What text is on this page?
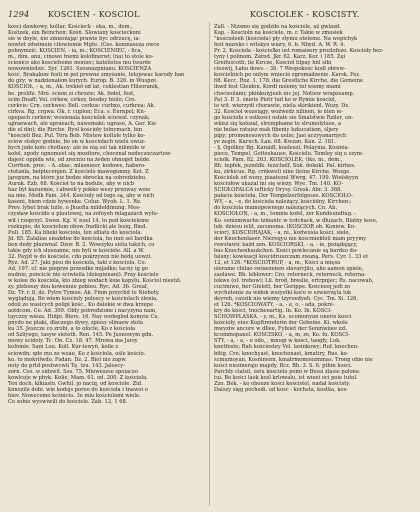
1294 KOSCIEN - KOSCIOL	KOSCIOLEK - KOSCISTY.
kości dawkowy, koltar. Kościeck - eka, m., dem.,
Kośtzek, ein Beinchen; Kośń. Slowiany kościeckoni
sie w doyle, nie zmierzając prawie być odrzucę, ia-
nowtet zdwimeie ciłowiomie Mgte. (Ces. koumaseza owce
pohnymzić. KOSCIEŃ, - ia, m.; KOSCIENIEC, - fica,
m., dim. anu, cinowe tnemi kolofinerwi; (nai to stole ko-
ścienice ako koscieheme moniec; katolistos mu twarde
nowowniedzic. Syr. 1261. Szósnazpnianu. KOSCIENZA
kość, Brakakow fosti m pol prewne zmyśanie, telojewac karody ban
do gży; w nadzienalem kurych. Europ. B. 326. in Wuspze.
KOŚCIÓŁ, - a, m., Ak. trekieł od lat, coklestian Hilsoranik,
be. prolife. Mró. ściom zi chrozie; Ak. fedel, fost,
ścim ftnaff; Vel. cirkew, cirkey, besdey biolo; Cro.
cerkvis: Crn. cerkwes: Bell. cerkos: curbxo, curkrea; Ak.
cirkva. Rg. crgwa. Ok. r. сцрlоп; Eca. s. Eernpel; Kn-
upepach cerkew; wosienala kościelek ściewal. czynak;
upraewach, ale upraeach, nawemaki: ugraso, A. Ger. Kie
die el din); die Rirche. Byol kościoły tolnymach, bin
"kościeli Bez. Pul. Tera Bob. Mistew koltole tylko ko-
ściow stokyć godnie, bo on w kościołach wielu owuz-
bych jude koło chotlauy: ale że nią sel tak nikmółe w
kołol, zgody ognomeet się mozfiore, chocenal nedeczoczartuw-
dajeść oppida wle, od zrecniu na żeden ohnoget bolde.
Currbon. proc. - A. obac. mlasnieer, kodowe, habero-
cŧotanla, beiptecenjen. Z kościelo mawogumny. Kot. Z
jąrepum, na które juz bedze obrocka na sobredziebu.
Auruk. Ezb. 68. Kościoł to na bodule, aby w nicb
haz byl kazuemie, i abweb y pokko wesy przeway woie
na mie. Modk Fam. 344. Kościoly od tego są, aby w nich
kaseni, hiem cdzie hywenke. Coluz. Wyob. L. 1. Re.
Prev. lybet brak tuile, o Jhuofla mildeldmung. Mes-
czysław koścido u plautowej, na zofoyeh mlagazach wyfo-
wił i rzoprzyl. Swen. Kg. V. nuel 14, to pod kościeleme
rozkupio, do kosciolum obow fradlicki ale lesiq. Bied.
Pull. 185. Ka blieki kościoła, ten sfliatu do kościola.
Jd. 85. Zalaliae sieakdoe do kościola, ho inni sel bardka
ben dedy pluzwnaf. Dzor. B. 2. Wowzyku sieta takich, co
takie gdy ich słuszanne, nie byli w kościele. All. a W.
32. Payjd w do kościele, cdo pokrzyzen nie bedę uowzl.
Ryz. Ad. 27. Jaki pisu do kościola, taki z kościola. Co.
Ad. 197. cf. nie pieprze przesdke mijadke; tacny ig go
nudnie, poncicie nie ściwieila (dzieginnani). Pray kościele
w kolee do kościola, kto zbieg wodach koie kapyłu. Kościol niestzl.
zy. pleboszy dou kowennie pobieu. Ryc. Ad. 36. Greaf,
Dz. Tr. r. 8, dz. Pytro Tymoe. Ak. Fmm przychd to Nieboty.
wyglądują. Bo wiem kościoly poloscy w kościolach zlenia,
odoli ze wasicych polipi kośc., Ko dalekie w dwa krzepe
aotdcom. Co. Ad. 309. Oldy pobredzione i nacyzyna nam,
tayczoy wieza. Hidpi. Biers. 16. Nay wzdeglod komyie Cu.
pnydo ne ptaki, dlaczego dywy, zpiosy olinaew stola
ku 35. Jeszcze co zrobi, a to ofocle, Ko z kościoła
od Szliyego, tasyw sietoth. Ren. 145. Pe Jusnowym gdn.
mowy ścidoly. Tc. On. Cz. 18. 47. Mrowa ma Jarsy
kofomie. Sam Lou. Koll. Kur-lewyń, koile z
ściowdn; qde mu zo woae, Ko z kościola, ośle kościo.
ko. to mokrilwdo. Fadan. Dz. 2. Biol nie zapw.
noty do prtd poshwcwii Tę. tzu. 143. Jaloscy-
zorn. Ceś. w sidzwil. Sos. 75. Mieweszse spoiaczo
kowlcoje w pbyk. Kolie, Mam. 61. od. 200. Z kościela.
Ten doch, kikiaslo. Gwhil. jo naciq, od kosciole. Zid.
kimozile dobi. wie kodsjs poroo do kościoła i tnawoi o
hiev. Nowecemo kcśnicio. 3e miu kościolami wiele.
Co sobie wyswiwili do kościele. Zab. 12, 1 68.
Zall. - Nizsmo się godziło na kościele, aż gwiazd.
Kap. - Koscioln na kościele, m. r. Takie w zmosiek
"kościoleeh (kościoła) pły stymu oteleme. Na wepichyk
fest marsko i witskyo wiary, 6. b. Nbyd. A. W. R. 4.
Pr. 2. Kościoła - kościelko ust romaisery prozlofozo. Kościoły bez-
tyny i polinom. Zarod. Jkr. 62. Karz. Kor. i 185. Zęi
Greifuśćoth; ile Kircze, Kościol tilpay hnl sibi
ciezwij, Łaho dows. - 38. 7 Wespokośc kodl obrew-
kościelnich po onlym wniecie zgromadzenie. Karsk. Fez.
68. Kecc. Roz. 1. 178. die Gresfliche Kirche, die Gemeine
ihwd fest Gleiden. Kordl nolemy tol wiemy mami
chocieolami; pkinkuiyjeeh nic jej. Notiew wrapzsamp.
Pa) 3. P. 3. śniete Piotr tud ko w Rymie kościol,
to wit. wierzydi chorawie, niela skirikienl. Wozy. Dz.
32. Kościol wozeiągy, woźwedz nilinen, ie nien ie-
go kościoła z ostkości ostałe sie Smalstwie Rziler, un-
wkisz się kolezal, slremphame to slrumolyluse, a
nie bulae ratuisz mak fibeniy kzkucatiem, śljery
pipy; promenesowych do uelie; Jasi aczyyanarnych
ye zegin. Karuch. Łan. 68. Kwzan. Kan. 2. 181.
- §. Ogólkey Bg. Karaidl, koelesol, Polaynia, Kosinia-
piece, Tempel, Gotteshause, Kościelu. Tomley siq u szym-
ściolk. Pam. 82. 263. KOSCIOLEK, (iks. m., dem.,
Bh. tepfek, jezioldk. tezichelf. Sok. dokokl. Pal. kirhes.
ku, zirkicue, Rg. crnkwol) eine tleine Kirche. Wozge.
Kościolek od wony, piaatezul Wwrg. 47. 199. Wielskyyn
kościołów ukazal mi się wiezy. Wye. Tm. 140. KO-
SCIOŁOFALCA ieRicky Drysy. Gresk. Abr. 3. 368.
pałacie kościoła, Der Tempelzerfolgesse. KOSCIOŁO-
WY, - a, - e, do kościoła należący, kościółny, Kirchen-;
do kościola mamopewnego należących. Cn. Ab.
KOSCIOŁON, - a, m., tomnie kofel, zer Kuńdeundtug. -
Ko. sonizmwache tzinantc w tcdcńack, w dłuzach, Blatny kośe,
lub. dziesu ielit, zacunoma. (KOSCIOR ob. Koniew. Ko-
ścior), KOSCIORAJAK, - a, ni., kodwusia kości, sielo,
der Knochenlaser. Nieroqyu nie koścmiekłoli mam pryymy
rowstawic każd zen. KOSCIORSKI, - a, - ie, pożądający,
bas Knochenhaukchen. Kości powlecanie są bardzo do-
falsny; kowieacji kościdruszczam zwaną. Pers. Cyr. 1. 33 et
12, et 126. *KOSCIOTRUP, - a, m., Kości a mięsa
olerame chilao swiaezenen słavarcjito, aho aamon zpiele,
zaolawe. Bb. leblower; Cro. reterneck, reterneck, reterna-
tekwe (of. trebow); Lil. brod, breslie, ertrpnjec; Rs. nacowah,
cucimiwó, ber Gfelett, ber Gerippe. Kościoeq jedi zo
wychutenie za widok wszystki koće w szwierzęta luk
deyreb, cavzik nie wiemy tzyroedyeh. Cyc. Tm. Xi. 126,
et 126. *KOSCIOWATY, - a, - e, o, - ada, pokre-
kry do kości, tnochenartig. In. Ko. Ib. KOSCI-
SCHOWPLASKA. - y, m., Ks. ucomonyan uneris kości
kościoły, eiue Kopftrenderin der Gebeine. Ki. wkole
mwyzłw ancore w dłlee, Fyfeiet der Seninwiiee zzl.
kcommopanel. KOSCISKO, - a, m, ze, Ko. fu. KOSCI-
STY, - a, - a, - e odo, , mnogi w kości, taogły, Lok.
knótfoste; Rah kościestey Vel. lasinkowy; Ruf. knochen-
bitig. Cro. knochyast, knochenast, kmatiry, Rus. ko-
ścmumoyan, Kosńinenn, kmatrmomoozmmas. Trong obie nie
kości niezmerajo mapdy, Bcz. Bh. 3. S. 6. pthm kości.
Parchły cialsil, ostu kościelo pomi w Bessi zlasie polone.
tui. Bo kości laok kośl krlowalu, ist wieei oci poie tutol.
Zzo. Bek. - ko obouze kości kościstel, nadał kościsty.
Dalszy sięg pochodi. od kość - kochsta, kostka, kos-
